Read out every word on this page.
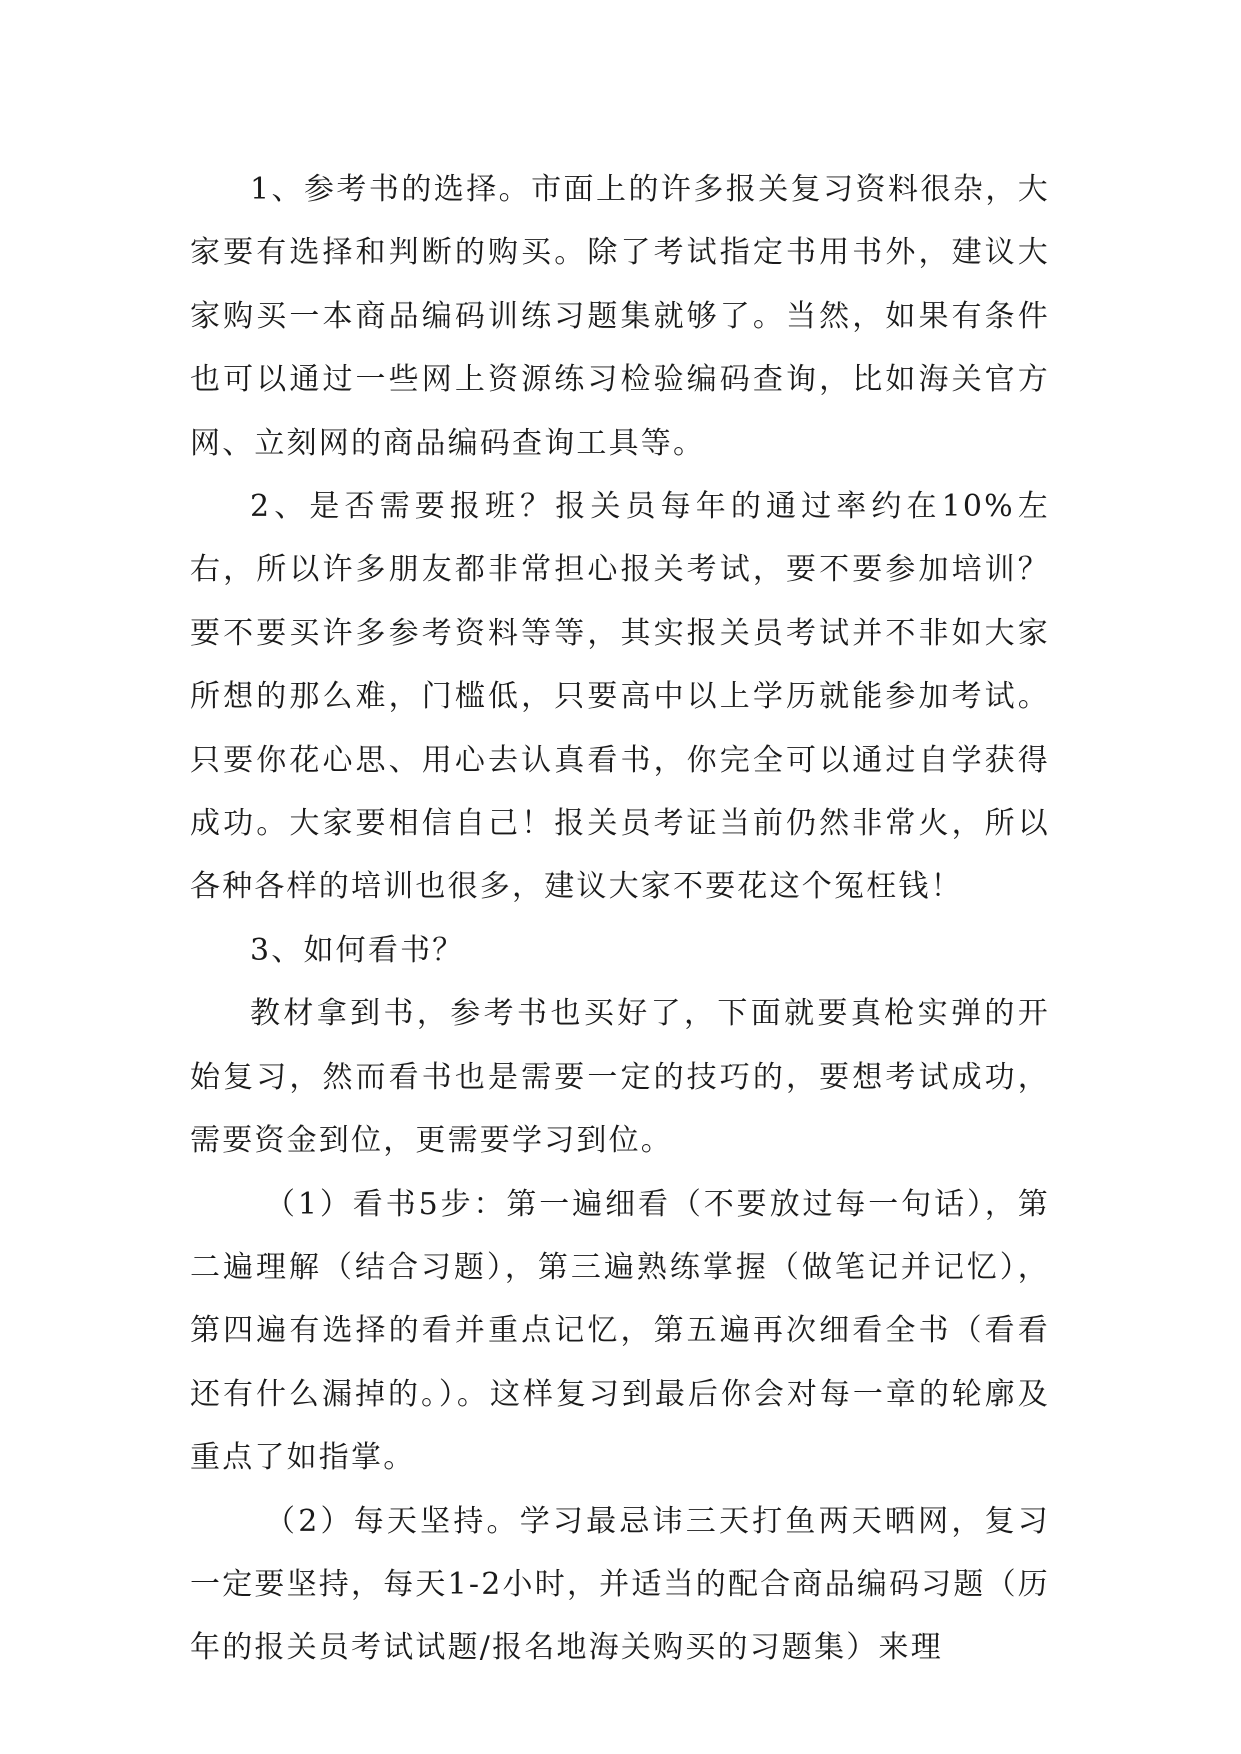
1、参考书的选择。市面上的许多报关复习资料很杂，大家要有选择和判断的购买。除了考试指定书用书外，建议大家购买一本商品编码训练习题集就够了。当然，如果有条件也可以通过一些网上资源练习检验编码查询，比如海关官方网、立刻网的商品编码查询工具等。

2、是否需要报班？报关员每年的通过率约在10%左右，所以许多朋友都非常担心报关考试，要不要参加培训？要不要买许多参考资料等等，其实报关员考试并不非如大家所想的那么难，门槛低，只要高中以上学历就能参加考试。只要你花心思、用心去认真看书，你完全可以通过自学获得成功。大家要相信自己！报关员考证当前仍然非常火，所以各种各样的培训也很多，建议大家不要花这个冤枉钱！

3、如何看书？

教材拿到书，参考书也买好了，下面就要真枪实弹的开始复习，然而看书也是需要一定的技巧的，要想考试成功，需要资金到位，更需要学习到位。

（1）看书5步：第一遍细看（不要放过每一句话），第二遍理解（结合习题），第三遍熟练掌握（做笔记并记忆），第四遍有选择的看并重点记忆，第五遍再次细看全书（看看还有什么漏掉的。）。这样复习到最后你会对每一章的轮廓及重点了如指掌。

（2）每天坚持。学习最忌讳三天打鱼两天晒网，复习一定要坚持，每天1-2小时，并适当的配合商品编码习题（历年的报关员考试试题/报名地海关购买的习题集）来理
